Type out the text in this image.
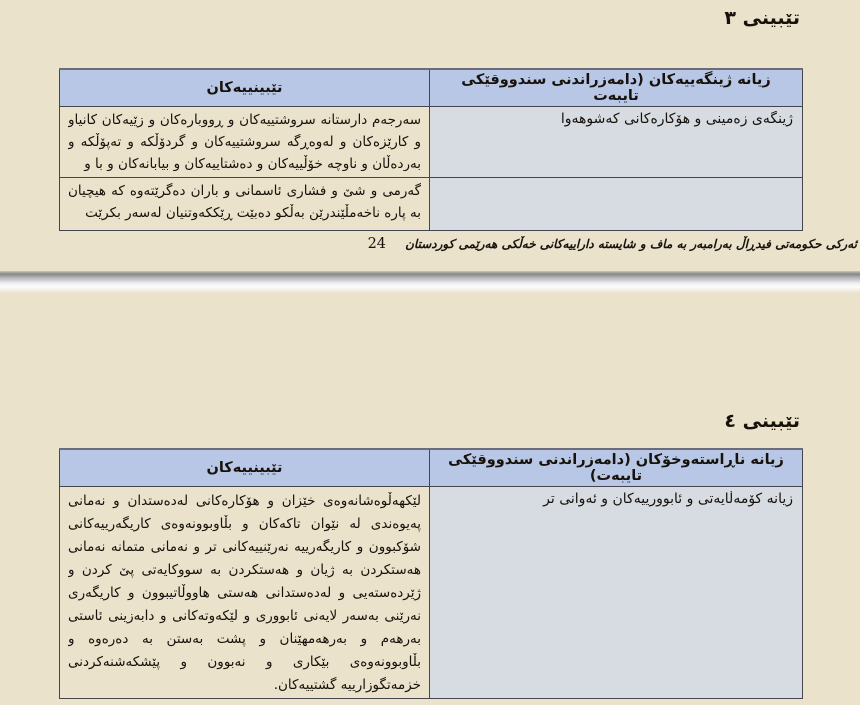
تێبینی ٣
زیانە ژینگەییەکان (دامەزراندنی سندووقێکی تایبەت	تێبینییەکان

ژینگەی زەمینی و هۆکارەکانی کەشوهەوا	سەرجەم دارستانە سروشتییەکان و ڕووبارەکان و زێیەکان کانیاو و کارێزەکان و لەوەڕگە سروشتییەکان و گردۆڵکە و تەپۆڵکە و بەردەڵان و ناوچە خۆڵییەکان و دەشتاییەکان و بیابانەکان و با و

	گەرمی و شێ و فشاری ئاسمانی و باران دەگرێتەوە کە هیچیان بە پارە ناخەمڵێندرێن بەڵکو دەبێت ڕێککەوتنیان لەسەر بکرێت
ئەرکی حکومەتی فیدڕاڵ بەرامبەر بە ماف و شایستە داراییەکانی خەڵکی هەرێمی کوردستان 24
تێبینی ٤
زیانە ناڕاستەوخۆکان (دامەزراندنی سندووقێکی تایبەت)	تێبینییەکان

زیانە کۆمەڵایەتی و ئابوورییەکان و ئەوانی تر	لێکهەڵوەشانەوەی خێزان و هۆکارەکانی لەدەستدان و نەمانی پەیوەندی لە نێوان تاکەکان و بڵاوبوونەوەی کاریگەرییەکانی شۆکبوون و کاریگەرییە نەرێنییەکانی تر و نەمانی متمانە نەمانی هەستکردن بە ژیان و هەستکردن بە سووکایەتی پێ کردن و ژێردەستەیی و لەدەستدانی هەستی هاووڵاتیبوون و کاریگەری نەرێنی بەسەر لایەنی ئابووری و لێکەوتەکانی و دابەزینی ئاستی بەرهەم و بەرهەمهێنان و پشت بەستن بە دەرەوە و بڵاوبوونەوەی بێکاری و نەبوون و پێشکەشنەکردنی خزمەتگوزارییە گشتییەکان.
